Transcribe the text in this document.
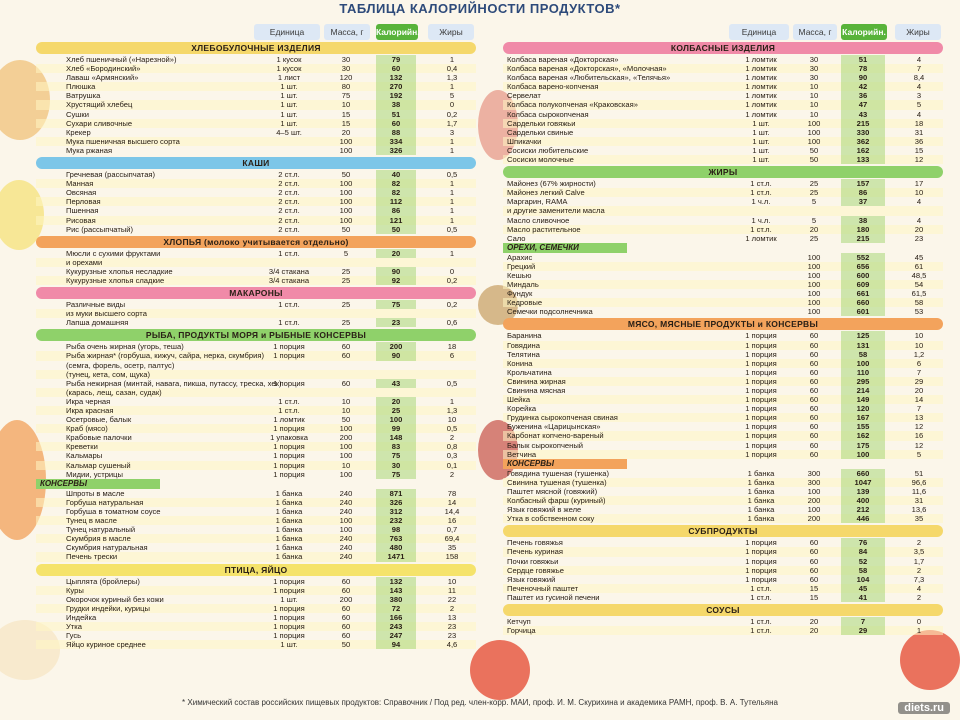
ТАБЛИЦА КАЛОРИЙНОСТИ ПРОДУКТОВ*
Единица	Масса, г	Калорийн.	Жиры	Единица	Масса, г	Калорийн.	Жиры
ХЛЕБОБУЛОЧНЫЕ ИЗДЕЛИЯ
Хлеб пшеничный («Нарезной»)	1 кусок	30	79	1
Хлеб «Бородинский»	1 кусок	30	60	0,4
Лаваш «Армянский»	1 лист	120	132	1,3
Плюшка	1 шт.	80	270	1
Ватрушка	1 шт.	75	192	5
Хрустящий хлебец	1 шт.	10	38	0
Сушки	1 шт.	15	51	0,2
Сухари сливочные	1 шт.	15	60	1,7
Крекер	4–5 шт.	20	88	3
Мука пшеничная высшего сорта	100	334	1
Мука ржаная	100	326	1
КАШИ
Гречневая (рассыпчатая)	2 ст.л.	50	40	0,5
Манная	2 ст.л.	100	82	1
Овсяная	2 ст.л.	100	82	1
Перловая	2 ст.л.	100	112	1
Пшенная	2 ст.л.	100	86	1
Рисовая	2 ст.л.	100	121	1
Рис (рассыпчатый)	2 ст.л.	50	50	0,5
ХЛОПЬЯ (молоко учитывается отдельно)
Мюсли с сухими фруктами	1 ст.л.	5	20	1
и орехами
Кукурузные хлопья несладкие	3/4 стакана	25	90	0
Кукурузные хлопья сладкие	3/4 стакана	25	92	0,2
МАКАРОНЫ
Различные виды	1 ст.л.	25	75	0,2
из муки высшего сорта
Лапша домашняя	1 ст.л.	25	23	0,6
РЫБА, ПРОДУКТЫ МОРЯ и РЫБНЫЕ КОНСЕРВЫ
Рыба очень жирная (угорь, теша)	1 порция	60	200	18
Рыба жирная* (горбуша, кижуч, сайра, нерка, скумбрия)	1 порция	60	90	6
(семга, форель, осетр, палтус)
(тунец, кета, сом, щука)
Рыба нежирная (минтай, навага, пикша, путассу, треска, хек)
1 порция	60	43	0,5
(карась, лещ, сазан, судак)
Икра черная	1 ст.л.	10	20	1
Икра красная	1 ст.л.	10	25	1,3
Осетровые, балык	1 ломтик	50	100	10
Краб (мясо)	1 порция	100	99	0,5
Крабовые палочки	1 упаковка	200	148	2
Креветки	1 порция	100	83	0,8
Кальмары	1 порция	100	75	0,3
Кальмар сушеный	1 порция	10	30	0,1
Мидии, устрицы	1 порция	100	75	2
КОНСЕРВЫ
Шпроты в масле	1 банка	240	871	78
Горбуша натуральная	1 банка	240	326	14
Горбуша в томатном соусе	1 банка	240	312	14,4
Тунец в масле	1 банка	100	232	16
Тунец натуральный	1 банка	100	98	0,7
Скумбрия в масле	1 банка	240	763	69,4
Скумбрия натуральная	1 банка	240	480	35
Печень трески	1 банка	240	1471	158
ПТИЦА, ЯЙЦО
Цыплята (бройлеры)	1 порция	60	132	10
Куры	1 порция	60	143	11
Окорочок куриный без кожи	1 шт.	200	380	22
Грудки индейки, курицы	1 порция	60	72	2
Индейка	1 порция	60	166	13
Утка	1 порция	60	243	23
Гусь	1 порция	60	247	23
Яйцо куриное среднее	1 шт.	50	94	4,6
КОЛБАСНЫЕ ИЗДЕЛИЯ
Колбаса вареная «Докторская»	1 ломтик	30	51	4
Колбаса вареная «Докторская», «Молочная»	1 ломтик	30	78	7
Колбаса вареная «Любительская», «Телячья»	1 ломтик	30	90	8,4
Колбаса варено-копченая	1 ломтик	10	42	4
Сервелат	1 ломтик	10	36	3
Колбаса полукопченая «Краковская»	1 ломтик	10	47	5
Колбаса сырокопченая	1 ломтик	10	43	4
Сардельки говяжьи	1 шт.	100	215	18
Сардельки свиные	1 шт.	100	330	31
Шпикачки	1 шт.	100	362	36
Сосиски любительские	1 шт.	50	162	15
Сосиски молочные	1 шт.	50	133	12
ЖИРЫ
Майонез (67% жирности)	1 ст.л.	25	157	17
Майонез легкий Calve	1 ст.л.	25	86	10
Маргарин, RAMA	1 ч.л.	5	37	4
и другие заменители масла
Масло сливочное	1 ч.л.	5	38	4
Масло растительное	1 ст.л.	20	180	20
Сало	1 ломтик	25	215	23
ОРЕХИ, СЕМЕЧКИ
Арахис	100	552	45
Грецкий	100	656	61
Кешью	100	600	48,5
Миндаль	100	609	54
Фундук	100	661	61,5
Кедровые	100	660	58
Семечки подсолнечника	100	601	53
МЯСО, МЯСНЫЕ ПРОДУКТЫ и КОНСЕРВЫ
Баранина	1 порция	60	125	10
Говядина	1 порция	60	131	10
Телятина	1 порция	60	58	1,2
Конина	1 порция	60	100	6
Крольчатина	1 порция	60	110	7
Свинина жирная	1 порция	60	295	29
Свинина мясная	1 порция	60	214	20
Шейка	1 порция	60	149	14
Корейка	1 порция	60	120	7
Грудинка сырокопченая свиная	1 порция	60	167	13
Буженина «Царицынская»	1 порция	60	155	12
Карбонат копчено-вареный	1 порция	60	162	16
Балык сырокопченый	1 порция	60	175	12
Ветчина	1 порция	60	100	5
КОНСЕРВЫ
Говядина тушеная (тушенка)	1 банка	300	660	51
Свинина тушеная (тушенка)	1 банка	300	1047	96,6
Паштет мясной (говяжий)	1 банка	100	139	11,6
Колбасный фарш (куриный)	1 банка	200	400	31
Язык говяжий в желе	1 банка	100	212	13,6
Утка в собственном соку	1 банка	200	446	35
СУБПРОДУКТЫ
Печень говяжья	1 порция	60	76	2
Печень куриная	1 порция	60	84	3,5
Почки говяжьи	1 порция	60	52	1,7
Сердце говяжье	1 порция	60	58	2
Язык говяжий	1 порция	60	104	7,3
Печеночный паштет	1 ст.л.	15	45	4
Паштет из гусиной печени	1 ст.л.	15	41	2
СОУСЫ
Кетчуп	1 ст.л.	20	7	0
Горчица	1 ст.л.	20	29	1
* Химический состав российских пищевых продуктов: Справочник / Под ред. член-корр. МАИ, проф. И. М. Скурихина и академика РАМН, проф. В. А. Тутельяна	diets.ru
